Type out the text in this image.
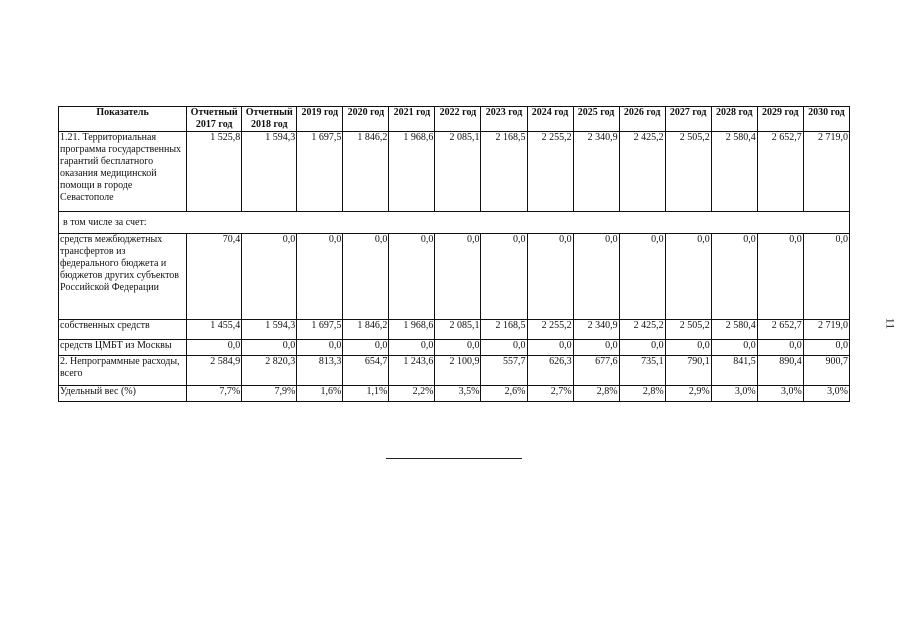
Показатель	Отчетный 2017 год	Отчетный 2018 год	2019 год	2020 год	2021 год	2022 год	2023 год	2024 год	2025 год	2026 год	2027 год	2028 год	2029 год	2030 год
1.21. Территориальная программа государственных гарантий бесплатного оказания медицинской помощи в городе Севастополе	1 525,8	1 594,3	1 697,5	1 846,2	1 968,6	2 085,1	2 168,5	2 255,2	2 340,9	2 425,2	2 505,2	2 580,4	2 652,7	2 719,0
в том числе за счет:														
средств межбюджетных трансфертов из федерального бюджета и бюджетов других субъектов Российской Федерации	70,4	0,0	0,0	0,0	0,0	0,0	0,0	0,0	0,0	0,0	0,0	0,0	0,0	0,0
собственных средств	1 455,4	1 594,3	1 697,5	1 846,2	1 968,6	2 085,1	2 168,5	2 255,2	2 340,9	2 425,2	2 505,2	2 580,4	2 652,7	2 719,0
средств ЦМБТ из Москвы	0,0	0,0	0,0	0,0	0,0	0,0	0,0	0,0	0,0	0,0	0,0	0,0	0,0	0,0
2. Непрограммные расходы, всего	2 584,9	2 820,3	813,3	654,7	1 243,6	2 100,9	557,7	626,3	677,6	735,1	790,1	841,5	890,4	900,7
Удельный вес (%)	7,7%	7,9%	1,6%	1,1%	2,2%	3,5%	2,6%	2,7%	2,8%	2,8%	2,9%	3,0%	3,0%	3,0%
11
